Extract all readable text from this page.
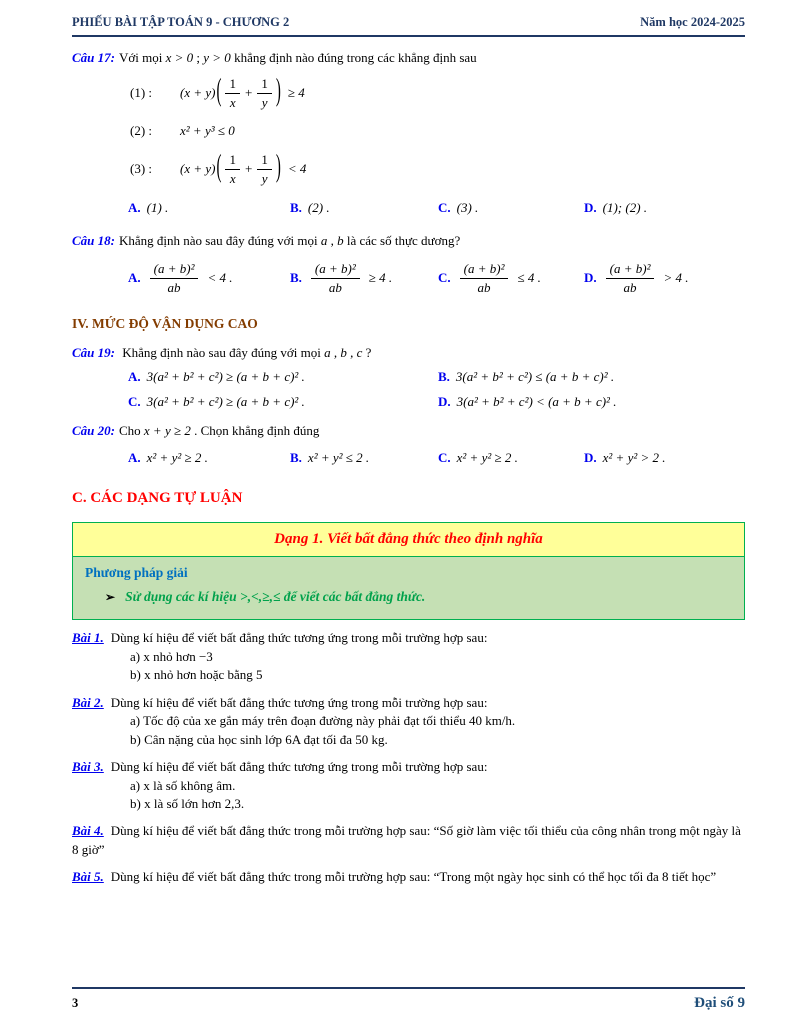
PHIẾU BÀI TẬP TOÁN 9 - CHƯƠNG 2	Năm học 2024-2025
Câu 17: Với mọi x > 0 ; y > 0 khẳng định nào đúng trong các khẳng định sau
(1) :	(x + y) ( $\frac{1}{x} + \frac{1}{y}$ ) ≥ 4
(2) :	x² + y³ ≤ 0
(3) :	(x + y) ( $\frac{1}{x} + \frac{1}{y}$ ) < 4
A. (1) .	B. (2) .	C. (3) .	D. (1); (2) .
Câu 18: Khẳng định nào sau đây đúng với mọi a , b là các số thực dương?
A. $\frac{\text{(a + b)²}}{ab} < 4$ .	B. $\frac{\text{(a + b)²}}{ab} \ge 4$ .	C. $\frac{\text{(a + b)²}}{ab} \le 4$ .	D. $\frac{\text{(a + b)²}}{ab} > 4$ .
IV. MỨC ĐỘ VẬN DỤNG CAO
Câu 19: Khẳng định nào sau đây đúng với mọi a , b , c ?
A. 3(a² + b² + c²) ≥ (a + b + c)² .	B. 3(a² + b² + c²) ≤ (a + b + c)² .
C. 3(a² + b² + c²) ≥ (a + b + c)² .	D. 3(a² + b² + c²) < (a + b + c)² .
Câu 20: Cho x + y ≥ 2 . Chọn khẳng định đúng
A. x² + y² ≥ 2 .	B. x² + y² ≤ 2 .	C. x² + y² ≥ 2 .	D. x² + y² > 2 .
C. CÁC DẠNG TỰ LUẬN
Dạng 1. Viết bất đẳng thức theo định nghĩa
Phương pháp giải
➢ Sử dụng các kí hiệu >,<,≥,≤ để viết các bất đẳng thức.
Bài 1. Dùng kí hiệu để viết bất đẳng thức tương ứng trong mỗi trường hợp sau:
a) x nhỏ hơn −3
b) x nhỏ hơn hoặc bằng 5
Bài 2. Dùng kí hiệu để viết bất đẳng thức tương ứng trong mỗi trường hợp sau:
a) Tốc độ của xe gắn máy trên đoạn đường này phải đạt tối thiểu 40 km/h.
b) Cân nặng của học sinh lớp 6A đạt tối đa 50 kg.
Bài 3. Dùng kí hiệu để viết bất đẳng thức tương ứng trong mỗi trường hợp sau:
a) x là số không âm.
b) x là số lớn hơn 2,3.
Bài 4. Dùng kí hiệu để viết bất đẳng thức trong mỗi trường hợp sau: “Số giờ làm việc tối thiểu của công nhân trong một ngày là 8 giờ”
Bài 5. Dùng kí hiệu để viết bất đẳng thức trong mỗi trường hợp sau: “Trong một ngày học sinh có thể học tối đa 8 tiết học”
3	Đại số 9
